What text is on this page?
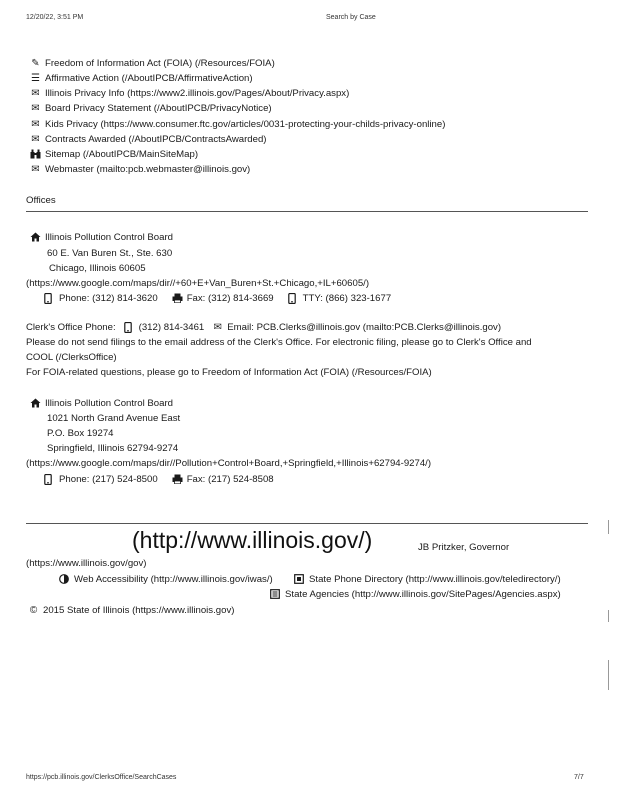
12/20/22, 3:51 PM	Search by Case
✎ Freedom of Information Act (FOIA) (/Resources/FOIA)
☰ Affirmative Action (/AboutIPCB/AffirmativeAction)
✉ Illinois Privacy Info (https://www2.illinois.gov/Pages/About/Privacy.aspx)
✉ Board Privacy Statement (/AboutIPCB/PrivacyNotice)
✉ Kids Privacy (https://www.consumer.ftc.gov/articles/0031-protecting-your-childs-privacy-online)
✉ Contracts Awarded (/AboutIPCB/ContractsAwarded)
Sitemap (/AboutIPCB/MainSiteMap)
✉ Webmaster (mailto:pcb.webmaster@illinois.gov)
Offices
Illinois Pollution Control Board
60 E. Van Buren St., Ste. 630
Chicago, Illinois 60605
(https://www.google.com/maps/dir//+60+E+Van_Buren+St.+Chicago,+IL+60605/)
Phone: (312) 814-3620	Fax: (312) 814-3669	TTY: (866) 323-1677
Clerk's Office Phone: (312) 814-3461 ✉ Email: PCB.Clerks@illinois.gov (mailto:PCB.Clerks@illinois.gov)
Please do not send filings to the email address of the Clerk's Office. For electronic filing, please go to Clerk's Office and
COOL (/ClerksOffice)
For FOIA-related questions, please go to Freedom of Information Act (FOIA) (/Resources/FOIA)
Illinois Pollution Control Board
1021 North Grand Avenue East
P.O. Box 19274
Springfield, Illinois 62794-9274
(https://www.google.com/maps/dir//Pollution+Control+Board,+Springfield,+Illinois+62794-9274/)
Phone: (217) 524-8500	Fax: (217) 524-8508
(http://www.illinois.gov/)	JB Pritzker, Governor
(https://www.illinois.gov/gov)
Web Accessibility (http://www.illinois.gov/iwas/)	State Phone Directory (http://www.illinois.gov/teledirectory/)
State Agencies (http://www.illinois.gov/SitePages/Agencies.aspx)
© 2015 State of Illinois (https://www.illinois.gov)
https://pcb.illinois.gov/ClerksOffice/SearchCases	7/7
